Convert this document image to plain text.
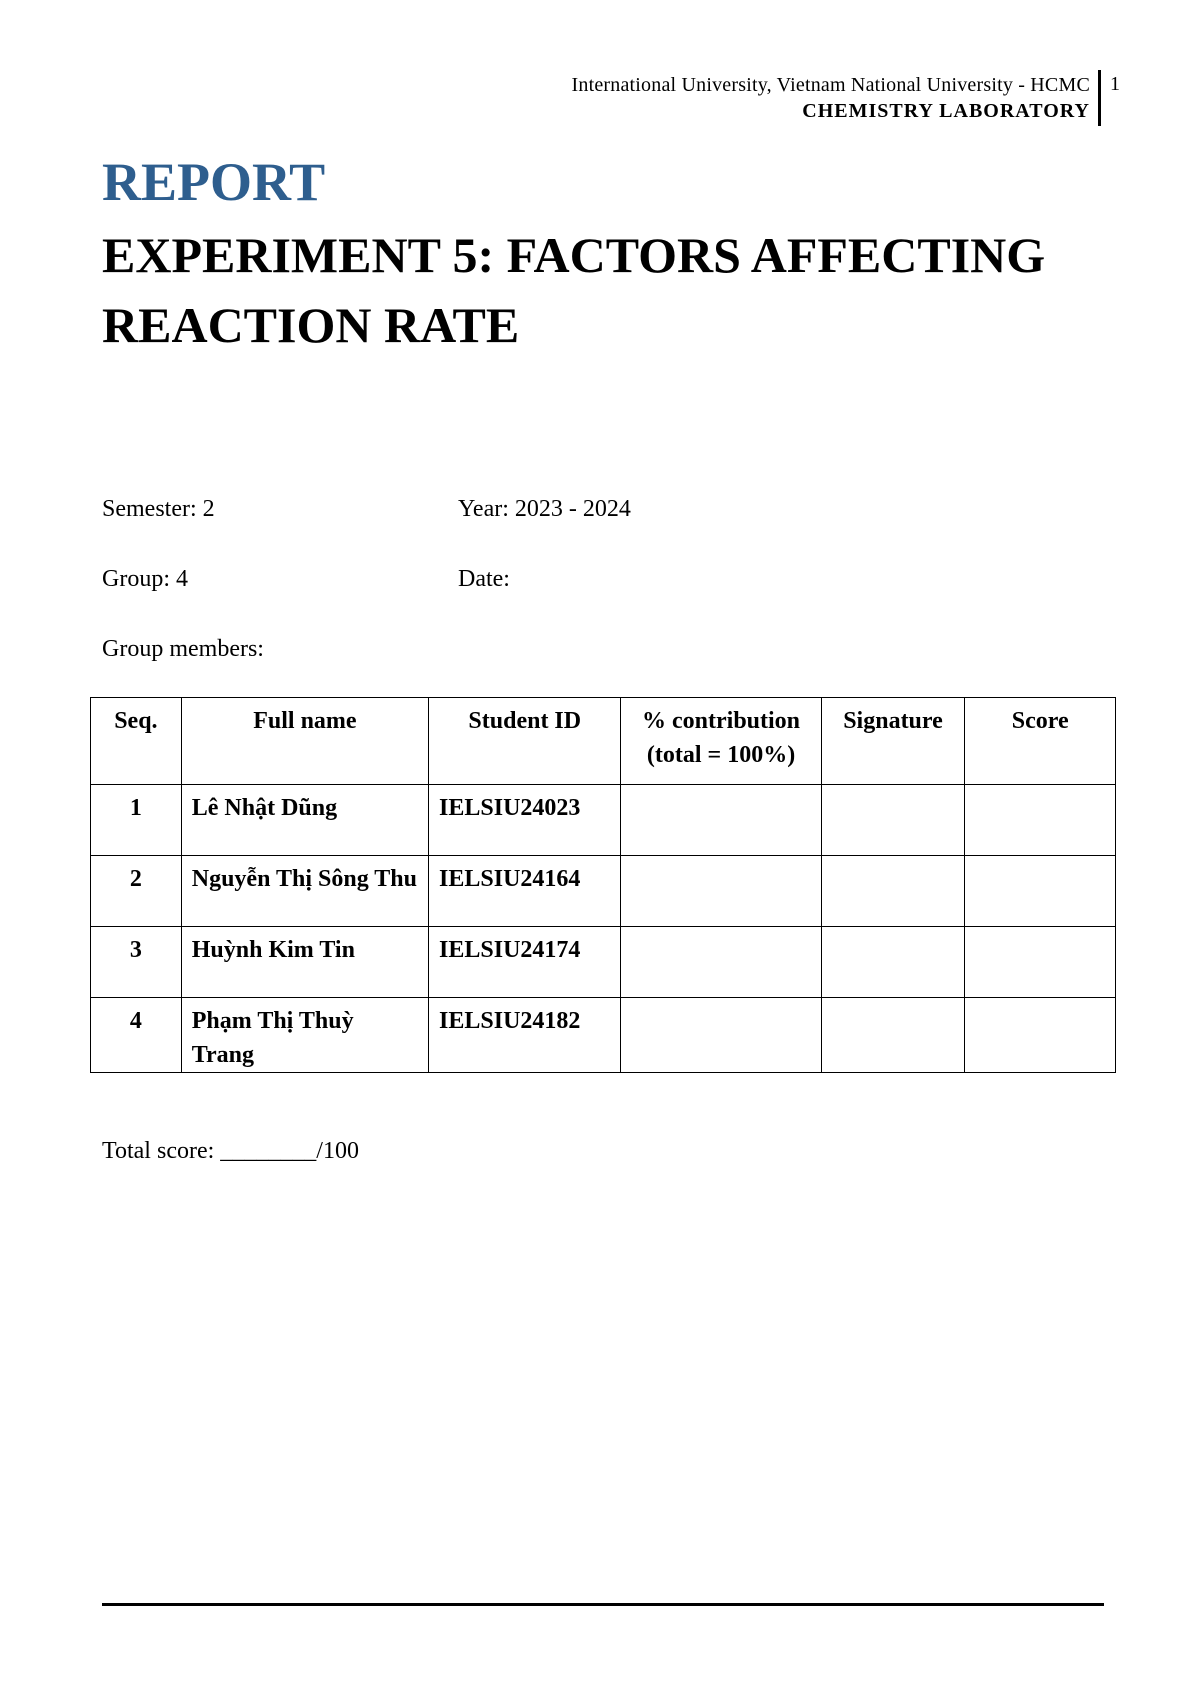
International University, Vietnam National University - HCMC
CHEMISTRY LABORATORY
1
REPORT
EXPERIMENT 5: FACTORS AFFECTING REACTION RATE
Semester: 2	Year: 2023 - 2024
Group: 4	Date:
Group members:
Seq.	Full name	Student ID	% contribution (total = 100%)	Signature	Score
1	Lê Nhật Dũng	IELSIU24023			
2	Nguyễn Thị Sông Thu	IELSIU24164			
3	Huỳnh Kim Tin	IELSIU24174			
4	Phạm Thị Thuỳ Trang	IELSIU24182			
Total score: ________/100
